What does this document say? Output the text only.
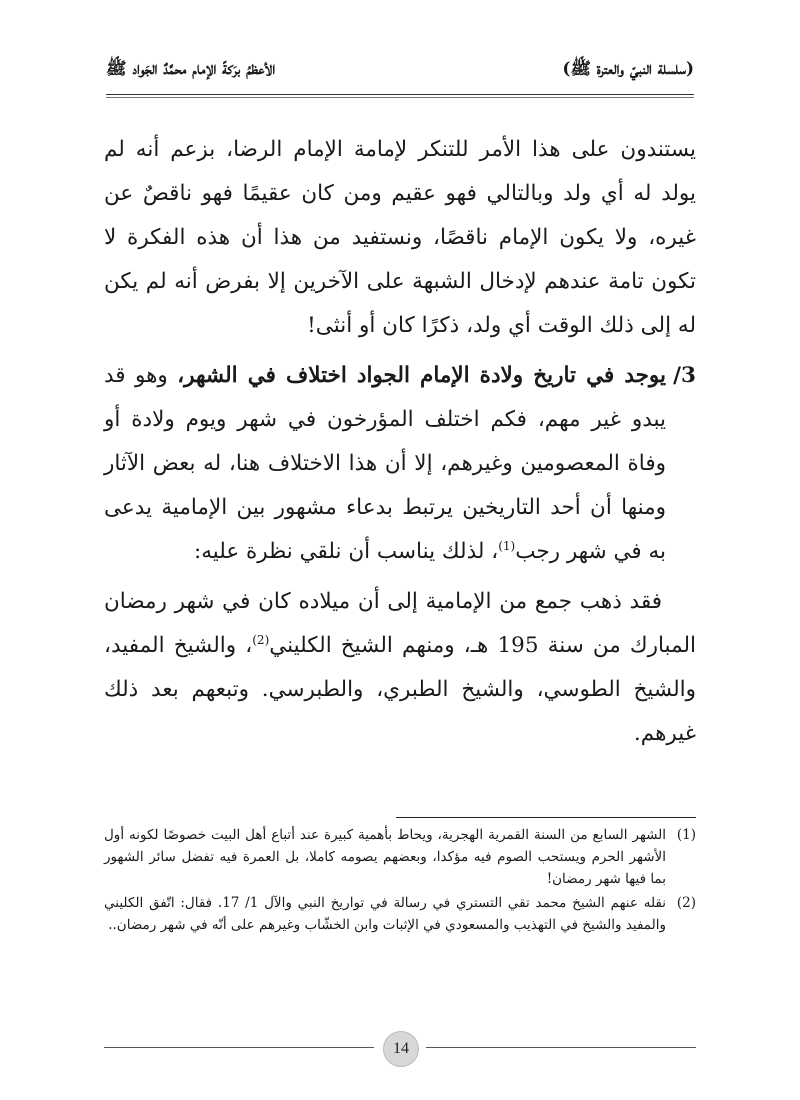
(سلسلة النبيّ والعترة ﷺ)
الأعظمُ برَكةً الإمام محمَّدٌ الجَواد ﷺ

يستندون على هذا الأمر للتنكر لإمامة الإمام الرضا، بزعم أنه لم يولد له أي ولد وبالتالي فهو عقيم ومن كان عقيمًا فهو ناقصٌ عن غيره، ولا يكون الإمام ناقصًا، ونستفيد من هذا أن هذه الفكرة لا تكون تامة عندهم لإدخال الشبهة على الآخرين إلا بفرض أنه لم يكن له إلى ذلك الوقت أي ولد، ذكرًا كان أو أنثى!

3/

يوجد في تاريخ ولادة الإمام الجواد اختلاف في الشهر، وهو قد يبدو غير مهم، فكم اختلف المؤرخون في شهر ويوم ولادة أو وفاة المعصومين وغيرهم، إلا أن هذا الاختلاف هنا، له بعض الآثار ومنها أن أحد التاريخين يرتبط بدعاء مشهور بين الإمامية يدعى به في شهر رجب$^{(1)}$، لذلك يناسب أن نلقي نظرة عليه:

فقد ذهب جمع من الإمامية إلى أن ميلاده كان في شهر رمضان المبارك من سنة 195 هـ، ومنهم الشيخ الكليني$^{(2)}$، والشيخ المفيد، والشيخ الطوسي، والشيخ الطبري، والطبرسي. وتبعهم بعد ذلك غيرهم.

(1)
الشهر السابع من السنة القمرية الهجرية، ويحاط بأهمية كبيرة عند أتباع أهل البيت خصوصًا لكونه أول الأشهر الحرم ويستحب الصوم فيه مؤكدا، وبعضهم يصومه كاملا، بل العمرة فيه تفضل سائر الشهور بما فيها شهر رمضان!

(2)
نقله عنهم الشيخ محمد تقي التستري في رسالة في تواريخ النبي والآل 1/ 17. فقال: اتّفق الكليني والمفيد والشيخ في التهذيب والمسعودي في الإثبات وابن الخشّاب وغيرهم على أنّه في شهر رمضان..

14
